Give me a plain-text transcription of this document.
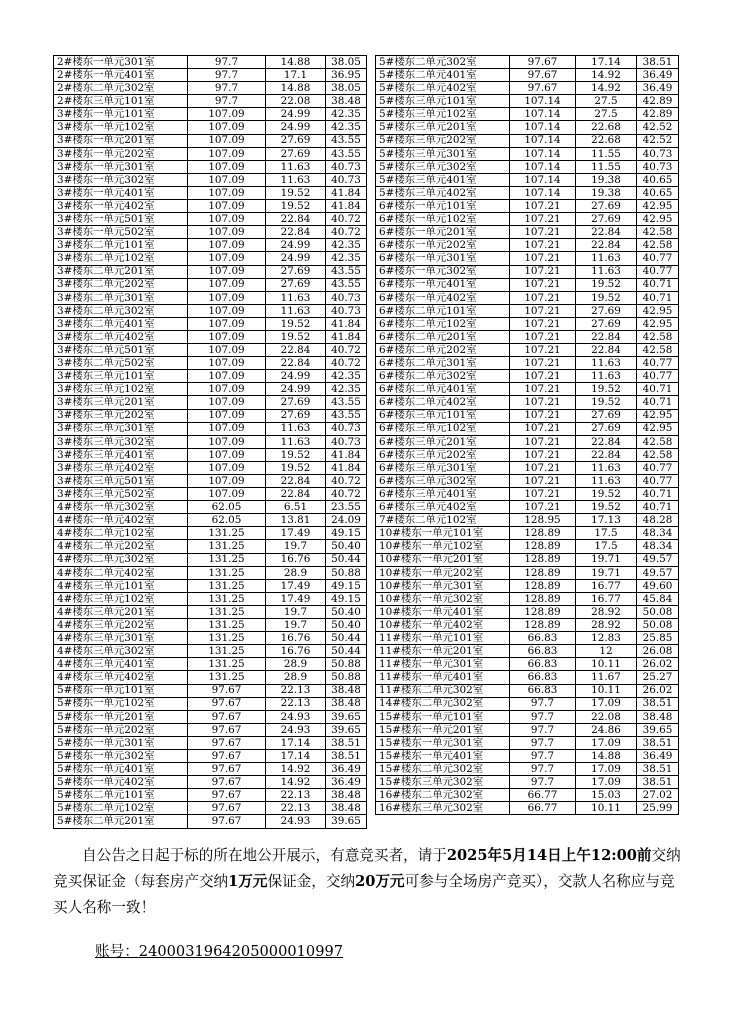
2#楼东一单元301室	97.7	14.88	38.05
2#楼东一单元401室	97.7	17.1	36.95
2#楼东二单元302室	97.7	14.88	38.05
2#楼东三单元101室	97.7	22.08	38.48
3#楼东一单元101室	107.09	24.99	42.35
3#楼东一单元102室	107.09	24.99	42.35
3#楼东一单元201室	107.09	27.69	43.55
3#楼东一单元202室	107.09	27.69	43.55
3#楼东一单元301室	107.09	11.63	40.73
3#楼东一单元302室	107.09	11.63	40.73
3#楼东一单元401室	107.09	19.52	41.84
3#楼东一单元402室	107.09	19.52	41.84
3#楼东一单元501室	107.09	22.84	40.72
3#楼东一单元502室	107.09	22.84	40.72
3#楼东二单元101室	107.09	24.99	42.35
3#楼东二单元102室	107.09	24.99	42.35
3#楼东二单元201室	107.09	27.69	43.55
3#楼东二单元202室	107.09	27.69	43.55
3#楼东二单元301室	107.09	11.63	40.73
3#楼东二单元302室	107.09	11.63	40.73
3#楼东二单元401室	107.09	19.52	41.84
3#楼东二单元402室	107.09	19.52	41.84
3#楼东二单元501室	107.09	22.84	40.72
3#楼东二单元502室	107.09	22.84	40.72
3#楼东三单元101室	107.09	24.99	42.35
3#楼东三单元102室	107.09	24.99	42.35
3#楼东三单元201室	107.09	27.69	43.55
3#楼东三单元202室	107.09	27.69	43.55
3#楼东三单元301室	107.09	11.63	40.73
3#楼东三单元302室	107.09	11.63	40.73
3#楼东三单元401室	107.09	19.52	41.84
3#楼东三单元402室	107.09	19.52	41.84
3#楼东三单元501室	107.09	22.84	40.72
3#楼东三单元502室	107.09	22.84	40.72
4#楼东一单元302室	62.05	6.51	23.55
4#楼东一单元402室	62.05	13.81	24.09
4#楼东二单元102室	131.25	17.49	49.15
4#楼东二单元202室	131.25	19.7	50.40
4#楼东二单元302室	131.25	16.76	50.44
4#楼东二单元402室	131.25	28.9	50.88
4#楼东三单元101室	131.25	17.49	49.15
4#楼东三单元102室	131.25	17.49	49.15
4#楼东三单元201室	131.25	19.7	50.40
4#楼东三单元202室	131.25	19.7	50.40
4#楼东三单元301室	131.25	16.76	50.44
4#楼东三单元302室	131.25	16.76	50.44
4#楼东三单元401室	131.25	28.9	50.88
4#楼东三单元402室	131.25	28.9	50.88
5#楼东一单元101室	97.67	22.13	38.48
5#楼东一单元102室	97.67	22.13	38.48
5#楼东一单元201室	97.67	24.93	39.65
5#楼东一单元202室	97.67	24.93	39.65
5#楼东一单元301室	97.67	17.14	38.51
5#楼东一单元302室	97.67	17.14	38.51
5#楼东一单元401室	97.67	14.92	36.49
5#楼东一单元402室	97.67	14.92	36.49
5#楼东二单元101室	97.67	22.13	38.48
5#楼东二单元102室	97.67	22.13	38.48
5#楼东二单元201室	97.67	24.93	39.65
5#楼东二单元302室	97.67	17.14	38.51
5#楼东二单元401室	97.67	14.92	36.49
5#楼东二单元402室	97.67	14.92	36.49
5#楼东三单元101室	107.14	27.5	42.89
5#楼东三单元102室	107.14	27.5	42.89
5#楼东三单元201室	107.14	22.68	42.52
5#楼东三单元202室	107.14	22.68	42.52
5#楼东三单元301室	107.14	11.55	40.73
5#楼东三单元302室	107.14	11.55	40.73
5#楼东三单元401室	107.14	19.38	40.65
5#楼东三单元402室	107.14	19.38	40.65
6#楼东一单元101室	107.21	27.69	42.95
6#楼东一单元102室	107.21	27.69	42.95
6#楼东一单元201室	107.21	22.84	42.58
6#楼东一单元202室	107.21	22.84	42.58
6#楼东一单元301室	107.21	11.63	40.77
6#楼东一单元302室	107.21	11.63	40.77
6#楼东一单元401室	107.21	19.52	40.71
6#楼东一单元402室	107.21	19.52	40.71
6#楼东二单元101室	107.21	27.69	42.95
6#楼东二单元102室	107.21	27.69	42.95
6#楼东二单元201室	107.21	22.84	42.58
6#楼东二单元202室	107.21	22.84	42.58
6#楼东二单元301室	107.21	11.63	40.77
6#楼东二单元302室	107.21	11.63	40.77
6#楼东二单元401室	107.21	19.52	40.71
6#楼东二单元402室	107.21	19.52	40.71
6#楼东三单元101室	107.21	27.69	42.95
6#楼东三单元102室	107.21	27.69	42.95
6#楼东三单元201室	107.21	22.84	42.58
6#楼东三单元202室	107.21	22.84	42.58
6#楼东三单元301室	107.21	11.63	40.77
6#楼东三单元302室	107.21	11.63	40.77
6#楼东三单元401室	107.21	19.52	40.71
6#楼东三单元402室	107.21	19.52	40.71
7#楼东二单元102室	128.95	17.13	48.28
10#楼东一单元101室	128.89	17.5	48.34
10#楼东一单元102室	128.89	17.5	48.34
10#楼东一单元201室	128.89	19.71	49.57
10#楼东一单元202室	128.89	19.71	49.57
10#楼东一单元301室	128.89	16.77	49.60
10#楼东一单元302室	128.89	16.77	45.84
10#楼东一单元401室	128.89	28.92	50.08
10#楼东一单元402室	128.89	28.92	50.08
11#楼东一单元101室	66.83	12.83	25.85
11#楼东一单元201室	66.83	12	26.08
11#楼东一单元301室	66.83	10.11	26.02
11#楼东一单元401室	66.83	11.67	25.27
11#楼东二单元302室	66.83	10.11	26.02
14#楼东二单元302室	97.7	17.09	38.51
15#楼东一单元101室	97.7	22.08	38.48
15#楼东一单元201室	97.7	24.86	39.65
15#楼东一单元301室	97.7	17.09	38.51
15#楼东一单元401室	97.7	14.88	36.49
15#楼东二单元302室	97.7	17.09	38.51
15#楼东三单元302室	97.7	17.09	38.51
16#楼东二单元302室	66.77	15.03	27.02
16#楼东三单元302室	66.77	10.11	25.99
自公告之日起于标的所在地公开展示，有意竞买者，请于2025年5月14日上午12:00前交纳竞买保证金（每套房产交纳1万元保证金，交纳20万元可参与全场房产竞买），交款人名称应与竞买人名称一致！
账号：2400031964205000010997
